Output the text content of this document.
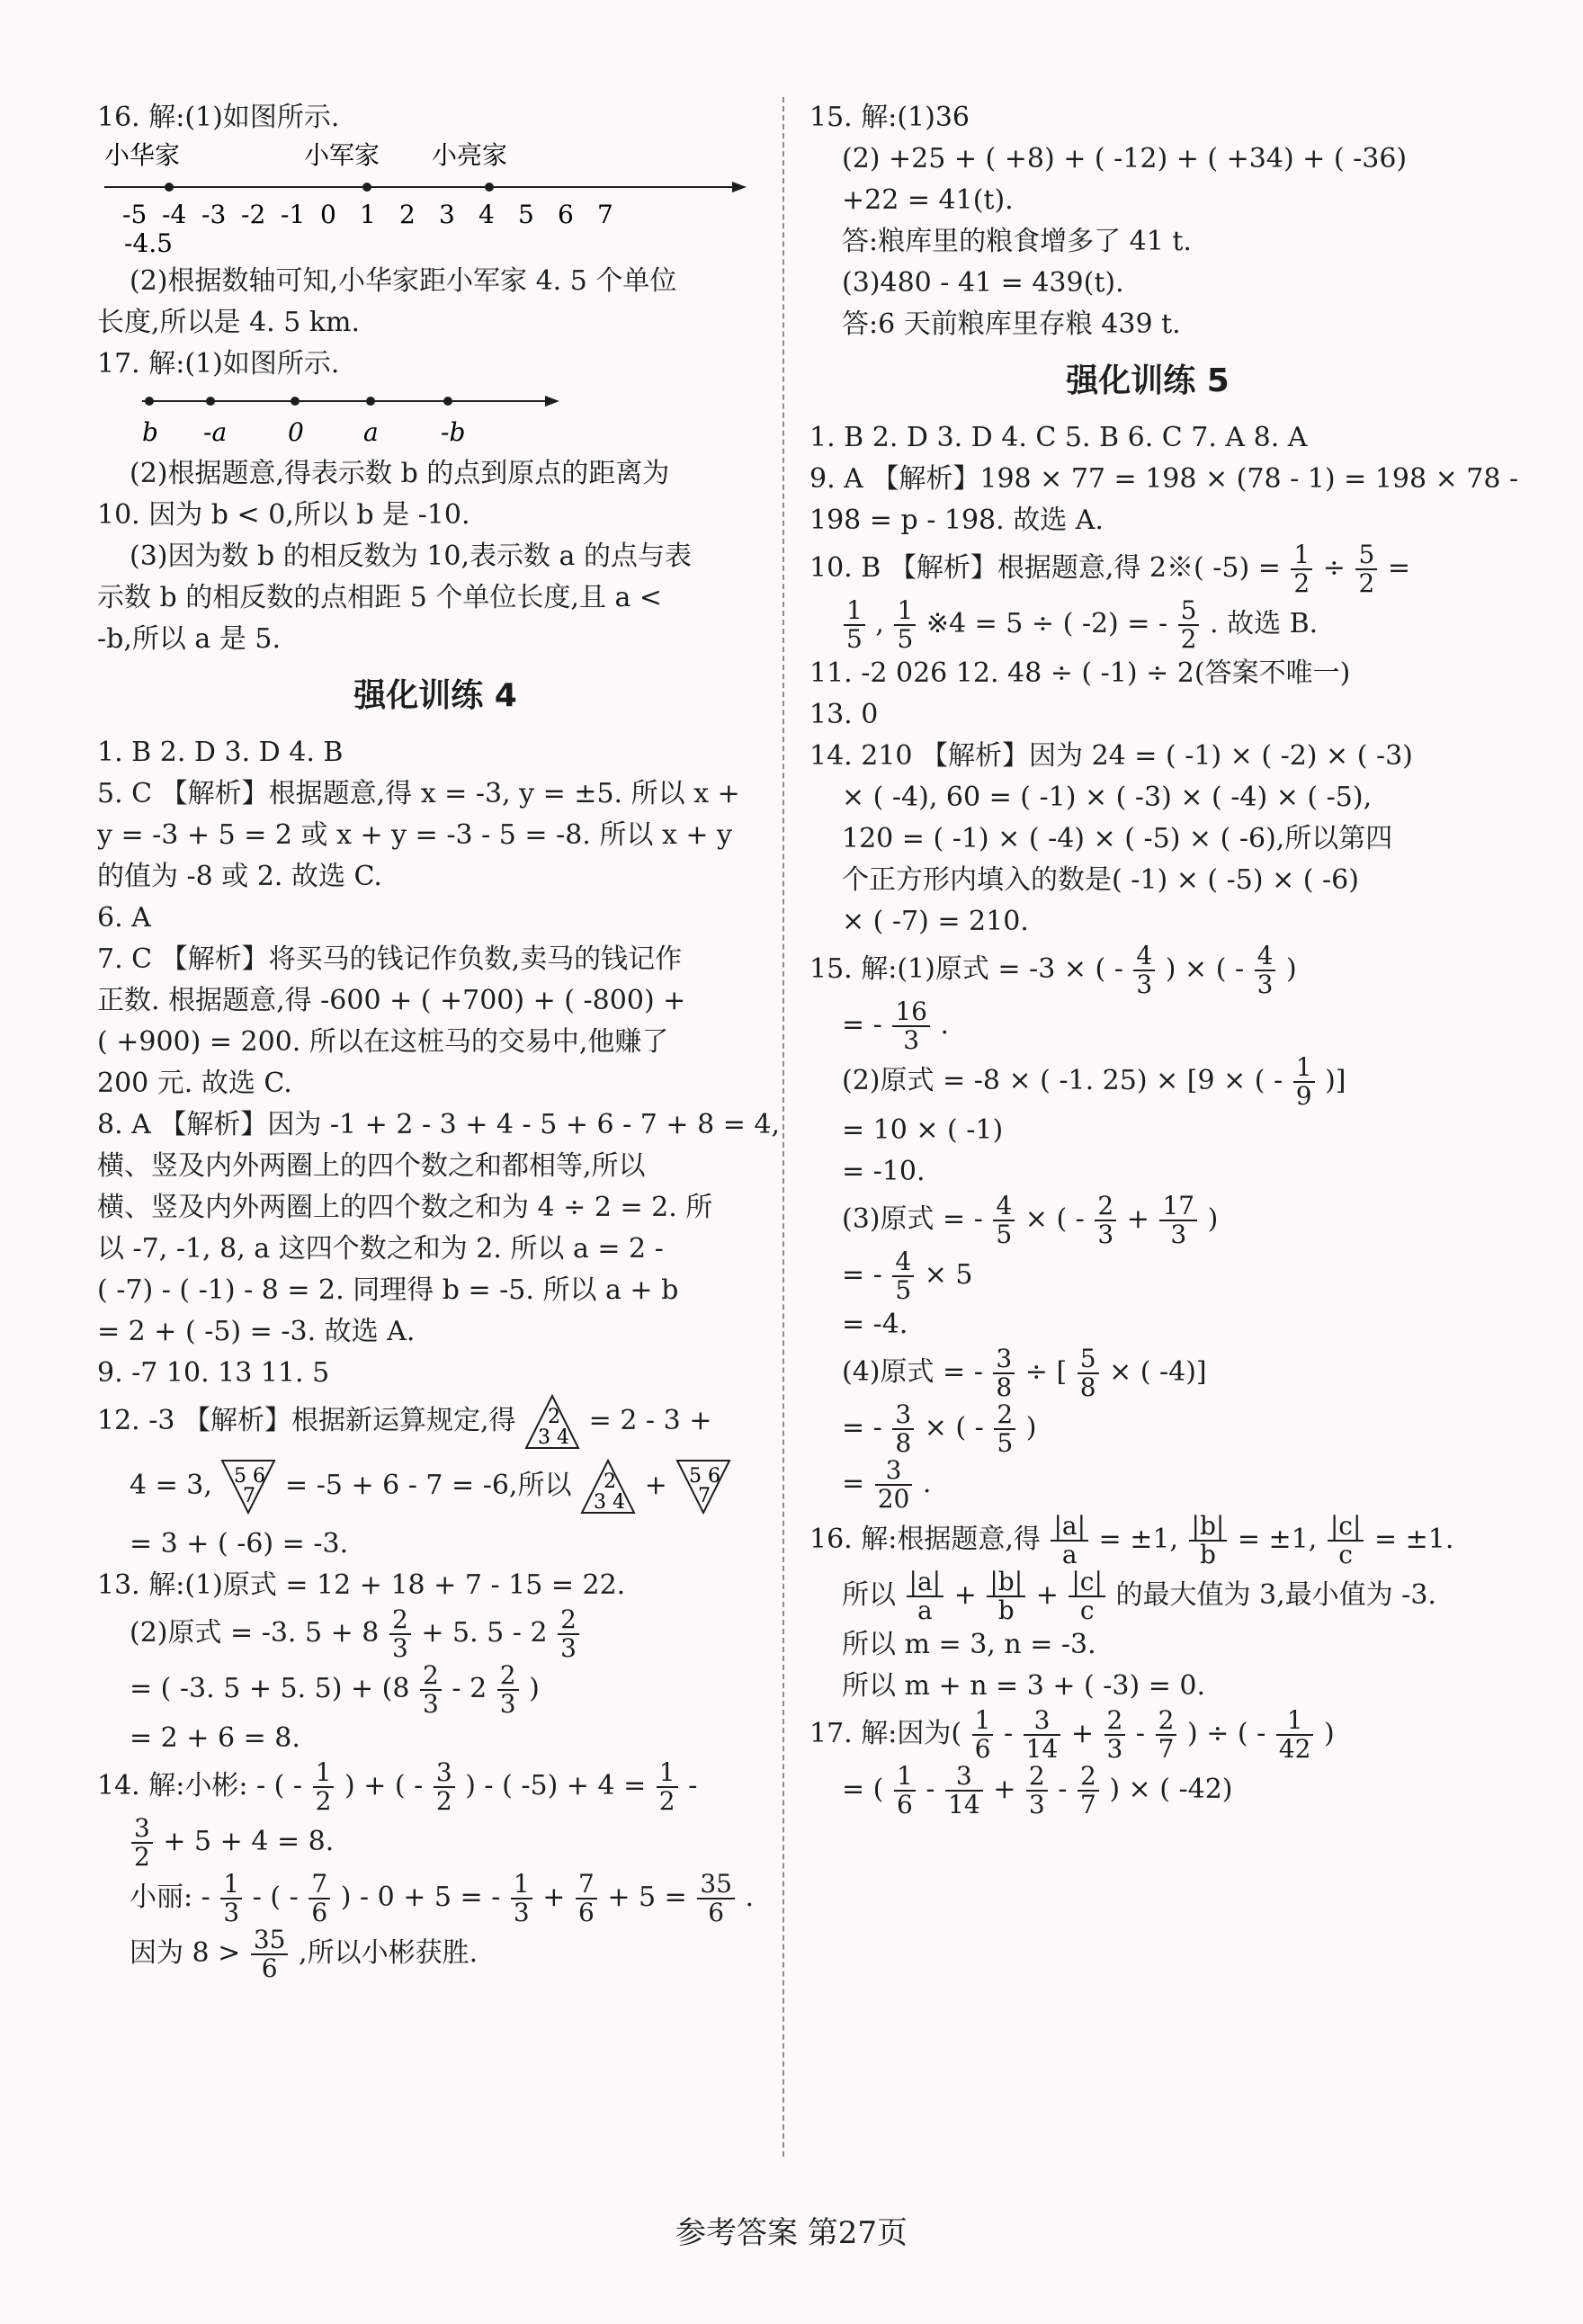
16. 解:(1)如图所示.
小华家	小军家 小亮家
-5 -4 -3 -2 -1 0 1 2 3 4 5 6 7
-4.5
(2)根据数轴可知,小华家距小军家 4. 5 个单位
长度,所以是 4. 5 km.
17. 解:(1)如图所示.
b -a 0 a -b
(2)根据题意,得表示数 b 的点到原点的距离为
10. 因为 b < 0,所以 b 是 -10.
(3)因为数 b 的相反数为 10,表示数 a 的点与表
示数 b 的相反数的点相距 5 个单位长度,且 a <
-b,所以 a 是 5.
强化训练 4
1. B 2. D 3. D 4. B
5. C 【解析】根据题意,得 x = -3, y = ±5. 所以 x +
y = -3 + 5 = 2 或 x + y = -3 - 5 = -8. 所以 x + y
的值为 -8 或 2. 故选 C.
6. A
7. C 【解析】将买马的钱记作负数,卖马的钱记作
正数. 根据题意,得 -600 + ( +700) + ( -800) +
( +900) = 200. 所以在这桩马的交易中,他赚了
200 元. 故选 C.
8. A 【解析】因为 -1 + 2 - 3 + 4 - 5 + 6 - 7 + 8 = 4,
横、竖及内外两圈上的四个数之和都相等,所以
横、竖及内外两圈上的四个数之和为 4 ÷ 2 = 2. 所
以 -7, -1, 8, a 这四个数之和为 2. 所以 a = 2 -
( -7) - ( -1) - 8 = 2. 同理得 b = -5. 所以 a + b
= 2 + ( -5) = -3. 故选 A.
9. -7 10. 13 11. 5
12. -3 【解析】根据新运算规定,得 2
3 4
= 2 - 3 +
4 = 3, 5 6
7 = -5 + 6 - 7 = -6,所以 2
3 4
+ 5 6
7
= 3 + ( -6) = -3.
13. 解:(1)原式 = 12 + 18 + 7 - 15 = 22.
(2)原式 = -3. $5 + 8 \frac{2}{3} + 5$. $5 - 2 \frac{2}{3}$
= ( -3. 5 + 5. $5) + (8 \frac{2}{3} - 2 \frac{2}{3}$ )
= 2 + 6 = 8.
14. 解:小彬: - ( - $\frac{1}{2}$ ) + ( - $\frac{3}{2}$ ) - ( $-5) + 4 = \frac{1}{2}$ -
$\frac{3}{2} + 5 + 4 = 8$.
小丽: - $\frac{1}{3}$ - ( - $\frac{7}{6}$ ) - 0 + 5 = - $\frac{1}{3} + \frac{7}{6} + 5 = \frac{35}{6}$ .
因为 $8 > \frac{35}{6}$ ,所以小彬获胜.
15. 解:(1)36
(2) +25 + ( +8) + ( -12) + ( +34) + ( -36)
+22 = 41(t).
答:粮库里的粮食增多了 41 t.
(3)480 - 41 = 439(t).
答:6 天前粮库里存粮 439 t.
强化训练 5
1. B 2. D 3. D 4. C 5. B 6. C 7. A 8. A
9. A 【解析】198 × 77 = 198 × (78 - 1) = 198 × 78 -
198 = p - 198. 故选 A.
10. B 【解析】根据题意,得 2※( $-5) = \frac{1}{2} \div \frac{5}{2}$ =
$\frac{1}{5}$ , $\frac{1}{5}$ ※4 = 5 ÷ ( -2) = - $\frac{5}{2}$ . 故选 B.
11. -2 026 12. 48 ÷ ( -1) ÷ 2(答案不唯一)
13. 0
14. 210 【解析】因为 24 = ( -1) × ( -2) × ( -3)
× ( -4), 60 = ( -1) × ( -3) × ( -4) × ( -5),
120 = ( -1) × ( -4) × ( -5) × ( -6),所以第四
个正方形内填入的数是( -1) × ( -5) × ( -6)
× ( -7) = 210.
15. 解:(1)原式 = -3 × ( - $\frac{4}{3}$ ) × ( - $\frac{4}{3}$ )
= - $\frac{16}{3}$ .
(2)原式 = -8 × ( -1. 25) × [9 × ( - $\frac{1}{9}$ )]
= 10 × ( -1)
= -10.
(3)原式 = - $\frac{4}{5}$ × ( - $\frac{2}{3} + \frac{17}{3}$ )
= - $\frac{4}{5} \times 5$
= -4.
(4)原式 = - $\frac{3}{8}$ ÷ [ $\frac{5}{8}$ × ( -4)]
= - $\frac{3}{8}$ × ( - $\frac{2}{5}$ )
= $\frac{3}{20}$ .
16. 解:根据题意,得 $\frac{|a|}{a} = \pm 1$, $\frac{|b|}{b} = \pm 1$, $\frac{|c|}{c} = \pm 1$.
所以 $\frac{|a|}{a} + \frac{|b|}{b} + \frac{|c|}{c}$ 的最大值为 3,最小值为 -3.
所以 m = 3, n = -3.
所以 m + n = 3 + ( -3) = 0.
17. 解:因为( $\frac{1}{6} - \frac{3}{14} + \frac{2}{3} - \frac{2}{7}$ ) ÷ ( - $\frac{1}{42}$ )
= ( $\frac{1}{6} - \frac{3}{14} + \frac{2}{3} - \frac{2}{7}$ ) × ( -42)
参考答案 第27页
